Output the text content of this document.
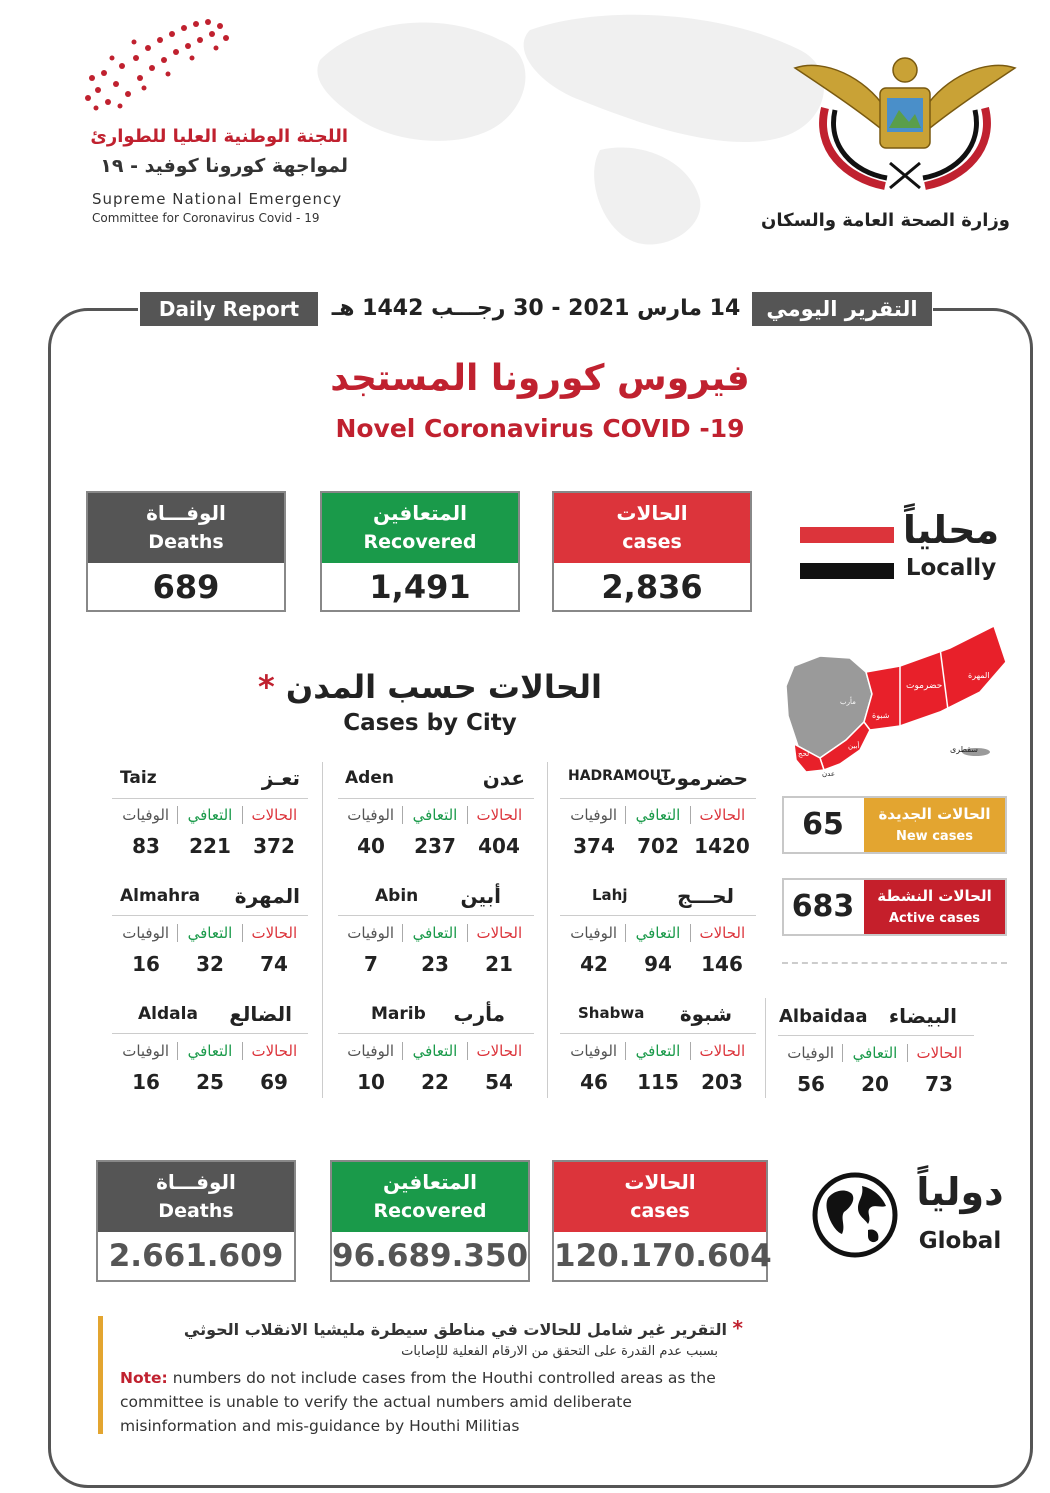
اللجنة الوطنية العليا للطوارئ
لمواجهة كورونا كوفيد - ١٩
Supreme National Emergency
Committee for Coronavirus Covid - 19	وزارة الصحة العامة والسكان
Daily Report	14 مارس 2021 - 30 رجـــب 1442 هـ	التقرير اليومي
فيروس كورونا المستجد
Novel Coronavirus COVID -19
الوفـــاة
Deaths
689
المتعافين
Recovered
1,491
الحالات
cases
2,836
محلياً
Locally
* الحالات حسب المدن
Cases by City
حضرموت
المهرة
شبوة
مأرب
أبين
لحج
عدن
سقطرى
65	الحالات الجديدة
New cases
683	الحالات النشطة
Active cases
Taiz	تعـز
الوفيات	التعافي	الحالات
83	221	372
Aden	عدن
الوفيات	التعافي	الحالات
40	237	404
HADRAMOUT
حضرموت
الوفيات	التعافي	الحالات
374	702 1420
Almahra المهرة
الوفيات	التعافي	الحالات
16	32	74
Abin أبين
الوفيات	التعافي	الحالات
7	23	21
Lahj لحـــج
الوفيات	التعافي	الحالات
42	94	146
Aldala الضالع
الوفيات	التعافي	الحالات
16	25	69
Marib مأرب
الوفيات	التعافي	الحالات
10	22	54
Shabwa شبوة
الوفيات	التعافي	الحالات
46	115	203
Albaidaa البيضاء
الوفيات	التعافي	الحالات
56	20	73
الوفـــاة
Deaths
2.661.609
المتعافين
Recovered
96.689.350
الحالات
cases
120.170.604
دولياً
Global
التقرير غير شامل للحالات في مناطق سيطرة مليشيا الانقلاب الحوثي *
بسبب عدم القدرة على التحقق من الارقام الفعلية للإصابات
Note: numbers do not include cases from the Houthi controlled areas as the committee is unable to verify the actual numbers amid deliberate misinformation and mis-guidance by Houthi Militias
